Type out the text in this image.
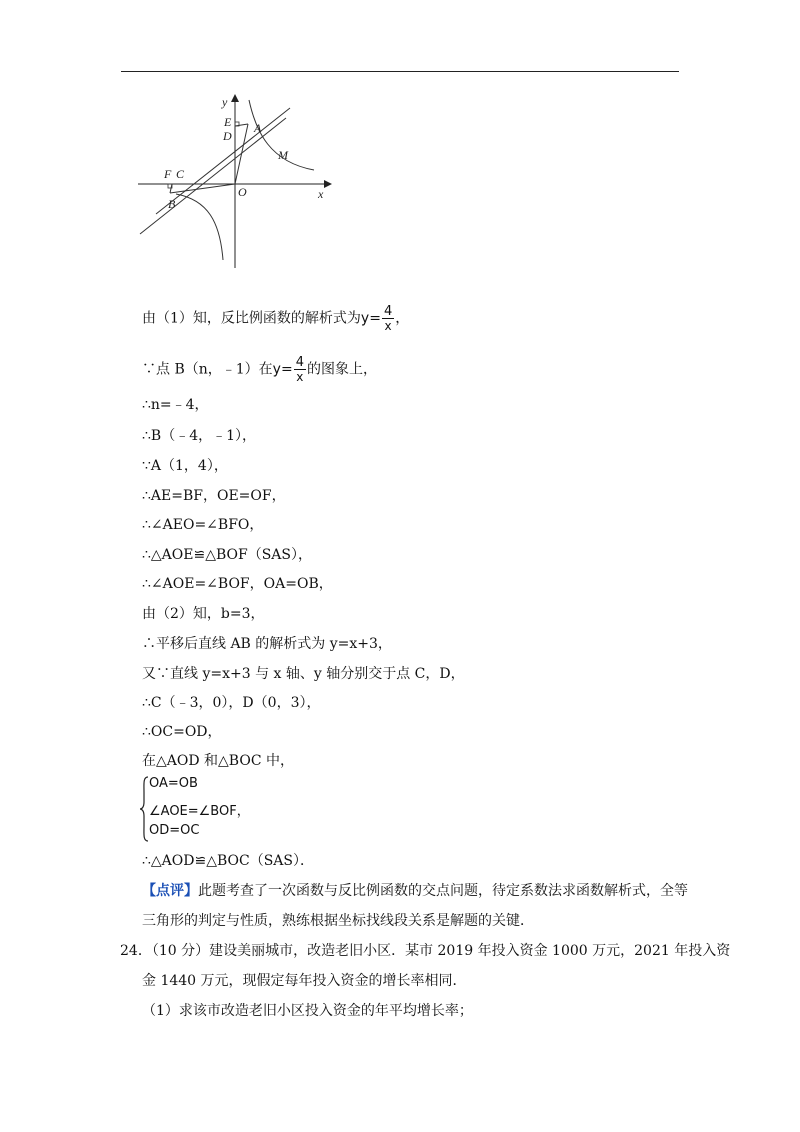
y
x
E
D
A
M
F C
O
B
由（1）知，反比例函数的解析式为$y= \frac{4}{x}$ ，
∵点 B（n，﹣1）在$y= \frac{4}{x}$ 的图象上，
∴n=﹣4，
∴B（﹣4，﹣1），
∵A（1，4），
∴AE=BF，OE=OF，
∴∠AEO=∠BFO，
∴△AOE≌△BOF（SAS），
∴∠AOE=∠BOF，OA=OB，
由（2）知，b=3，
∴平移后直线 AB 的解析式为 y=x+3，
又∵直线 y=x+3 与 x 轴、y 轴分别交于点 C，D，
∴C（﹣3，0），D（0，3），
∴OC=OD，
在△AOD 和△BOC 中，
OA=OB
∠AOE=∠BOF，
OD=OC
∴△AOD≌△BOC（SAS）．
【点评】此题考查了一次函数与反比例函数的交点问题，待定系数法求函数解析式，全等
三角形的判定与性质，熟练根据坐标找线段关系是解题的关键．
24．（10 分）建设美丽城市，改造老旧小区．某市 2019 年投入资金 1000 万元，2021 年投入资
金 1440 万元，现假定每年投入资金的增长率相同．
（1）求该市改造老旧小区投入资金的年平均增长率；
